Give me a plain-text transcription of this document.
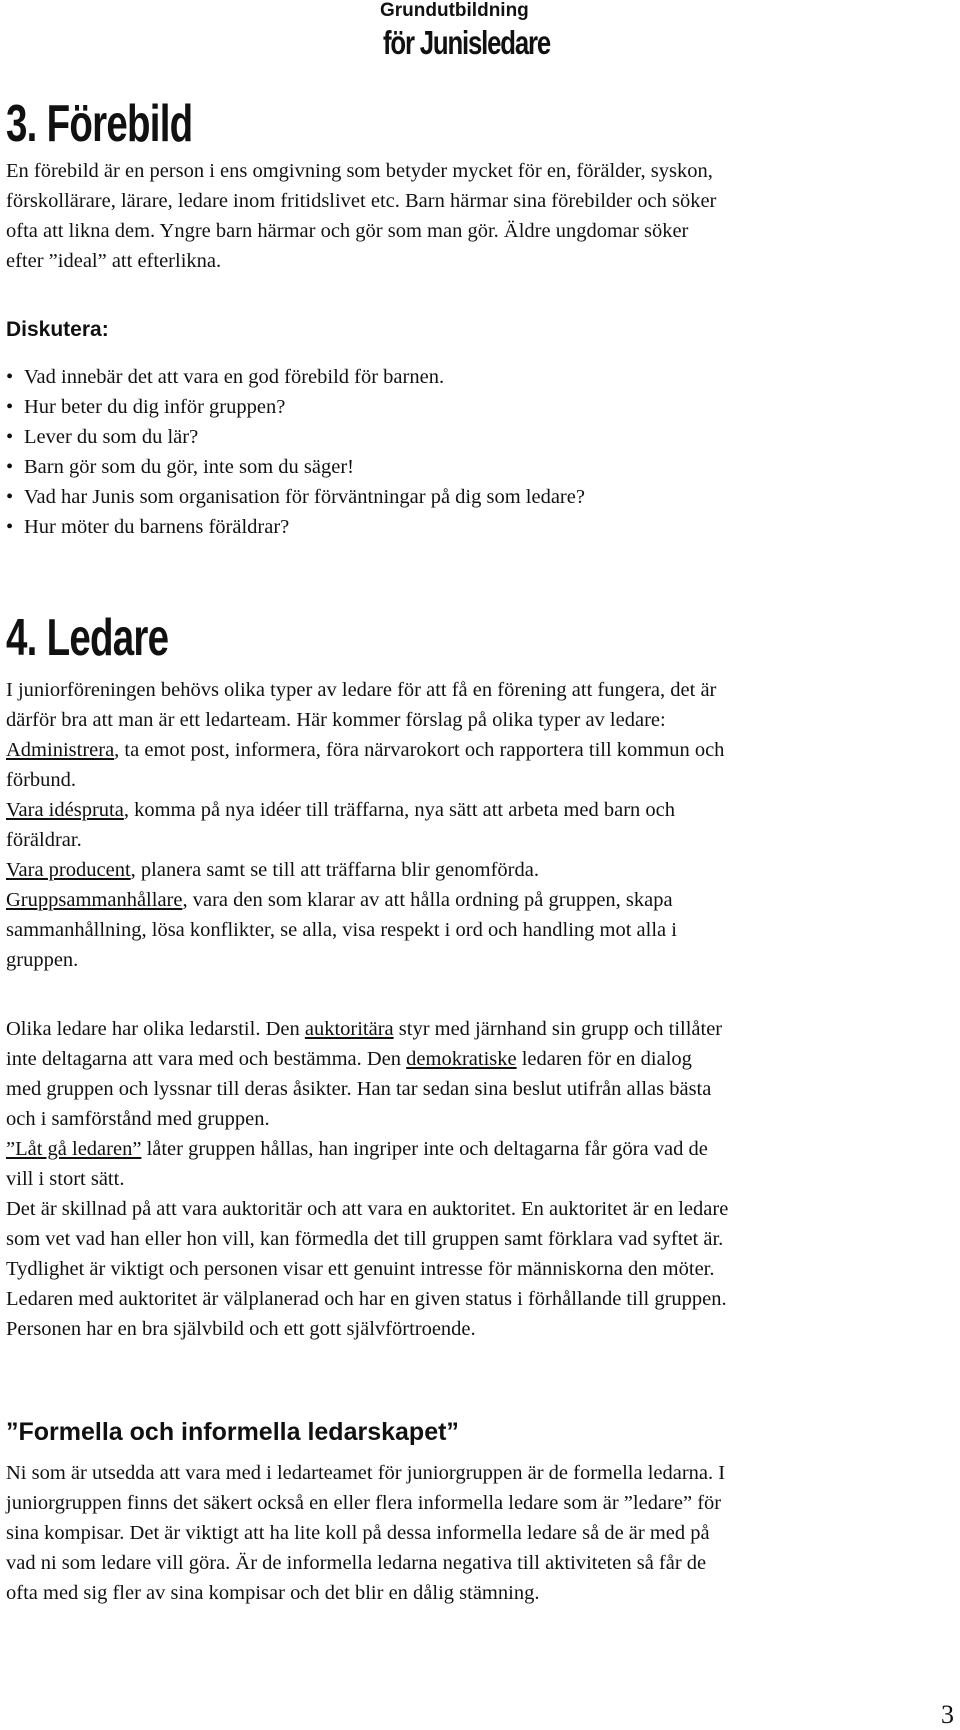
Grundutbildning
för Junisledare
3. Förebild

En förebild är en person i ens omgivning som betyder mycket för en, förälder, syskon,

förskollärare, lärare, ledare inom fritidslivet etc. Barn härmar sina förebilder och söker

ofta att likna dem. Yngre barn härmar och gör som man gör. Äldre ungdomar söker

efter ”ideal” att efterlikna.

Diskutera:
• Vad innebär det att vara en god förebild för barnen.
• Hur beter du dig inför gruppen?
• Lever du som du lär?
• Barn gör som du gör, inte som du säger!
• Vad har Junis som organisation för förväntningar på dig som ledare?
• Hur möter du barnens föräldrar?
4. Ledare

I juniorföreningen behövs olika typer av ledare för att få en förening att fungera, det är

därför bra att man är ett ledarteam. Här kommer förslag på olika typer av ledare:

Administrera, ta emot post, informera, föra närvarokort och rapportera till kommun och

förbund.

Vara idéspruta, komma på nya idéer till träffarna, nya sätt att arbeta med barn och

föräldrar.

Vara producent, planera samt se till att träffarna blir genomförda.

Gruppsammanhållare, vara den som klarar av att hålla ordning på gruppen, skapa

sammanhållning, lösa konflikter, se alla, visa respekt i ord och handling mot alla i

gruppen.

Olika ledare har olika ledarstil. Den auktoritära styr med järnhand sin grupp och tillåter

inte deltagarna att vara med och bestämma. Den demokratiske ledaren för en dialog

med gruppen och lyssnar till deras åsikter. Han tar sedan sina beslut utifrån allas bästa

och i samförstånd med gruppen.

”Låt gå ledaren” låter gruppen hållas, han ingriper inte och deltagarna får göra vad de

vill i stort sätt.

Det är skillnad på att vara auktoritär och att vara en auktoritet. En auktoritet är en ledare

som vet vad han eller hon vill, kan förmedla det till gruppen samt förklara vad syftet är.

Tydlighet är viktigt och personen visar ett genuint intresse för människorna den möter.

Ledaren med auktoritet är välplanerad och har en given status i förhållande till gruppen.

Personen har en bra självbild och ett gott självförtroende.

”Formella och informella ledarskapet”

Ni som är utsedda att vara med i ledarteamet för juniorgruppen är de formella ledarna. I

juniorgruppen finns det säkert också en eller flera informella ledare som är ”ledare” för

sina kompisar. Det är viktigt att ha lite koll på dessa informella ledare så de är med på

vad ni som ledare vill göra. Är de informella ledarna negativa till aktiviteten så får de

ofta med sig fler av sina kompisar och det blir en dålig stämning.

3
